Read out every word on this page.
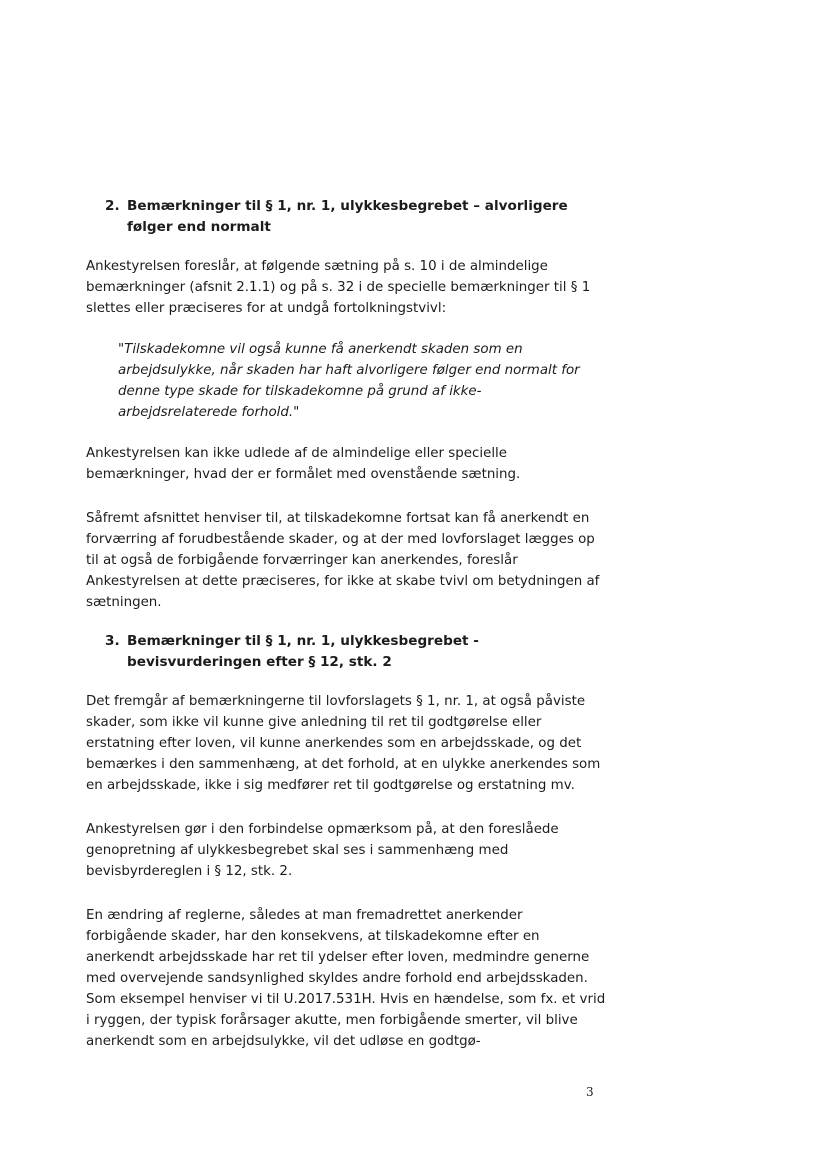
2. Bemærkninger til § 1, nr. 1, ulykkesbegrebet – alvorligere følger end normalt

Ankestyrelsen foreslår, at følgende sætning på s. 10 i de almindelige bemærkninger (afsnit 2.1.1) og på s. 32 i de specielle bemærkninger til § 1 slettes eller præciseres for at undgå fortolkningstvivl:

"Tilskadekomne vil også kunne få anerkendt skaden som en arbejdsulykke, når skaden har haft alvorligere følger end normalt for denne type skade for tilskadekomne på grund af ikke-arbejdsrelaterede forhold."

Ankestyrelsen kan ikke udlede af de almindelige eller specielle bemærkninger, hvad der er formålet med ovenstående sætning.

Såfremt afsnittet henviser til, at tilskadekomne fortsat kan få anerkendt en forværring af forudbestående skader, og at der med lovforslaget lægges op til at også de forbigående forværringer kan anerkendes, foreslår Ankestyrelsen at dette præciseres, for ikke at skabe tvivl om betydningen af sætningen.

3. Bemærkninger til § 1, nr. 1, ulykkesbegrebet - bevisvurderingen efter § 12, stk. 2

Det fremgår af bemærkningerne til lovforslagets § 1, nr. 1, at også påviste skader, som ikke vil kunne give anledning til ret til godtgørelse eller erstatning efter loven, vil kunne anerkendes som en arbejdsskade, og det bemærkes i den sammenhæng, at det forhold, at en ulykke anerkendes som en arbejdsskade, ikke i sig medfører ret til godtgørelse og erstatning mv.

Ankestyrelsen gør i den forbindelse opmærksom på, at den foreslåede genopretning af ulykkesbegrebet skal ses i sammenhæng med bevisbyrdereglen i § 12, stk. 2.

En ændring af reglerne, således at man fremadrettet anerkender forbigående skader, har den konsekvens, at tilskadekomne efter en anerkendt arbejdsskade har ret til ydelser efter loven, medmindre generne med overvejende sandsynlighed skyldes andre forhold end arbejdsskaden. Som eksempel henviser vi til U.2017.531H. Hvis en hændelse, som fx. et vrid i ryggen, der typisk forårsager akutte, men forbigående smerter, vil blive anerkendt som en arbejdsulykke, vil det udløse en godtgø-

3
